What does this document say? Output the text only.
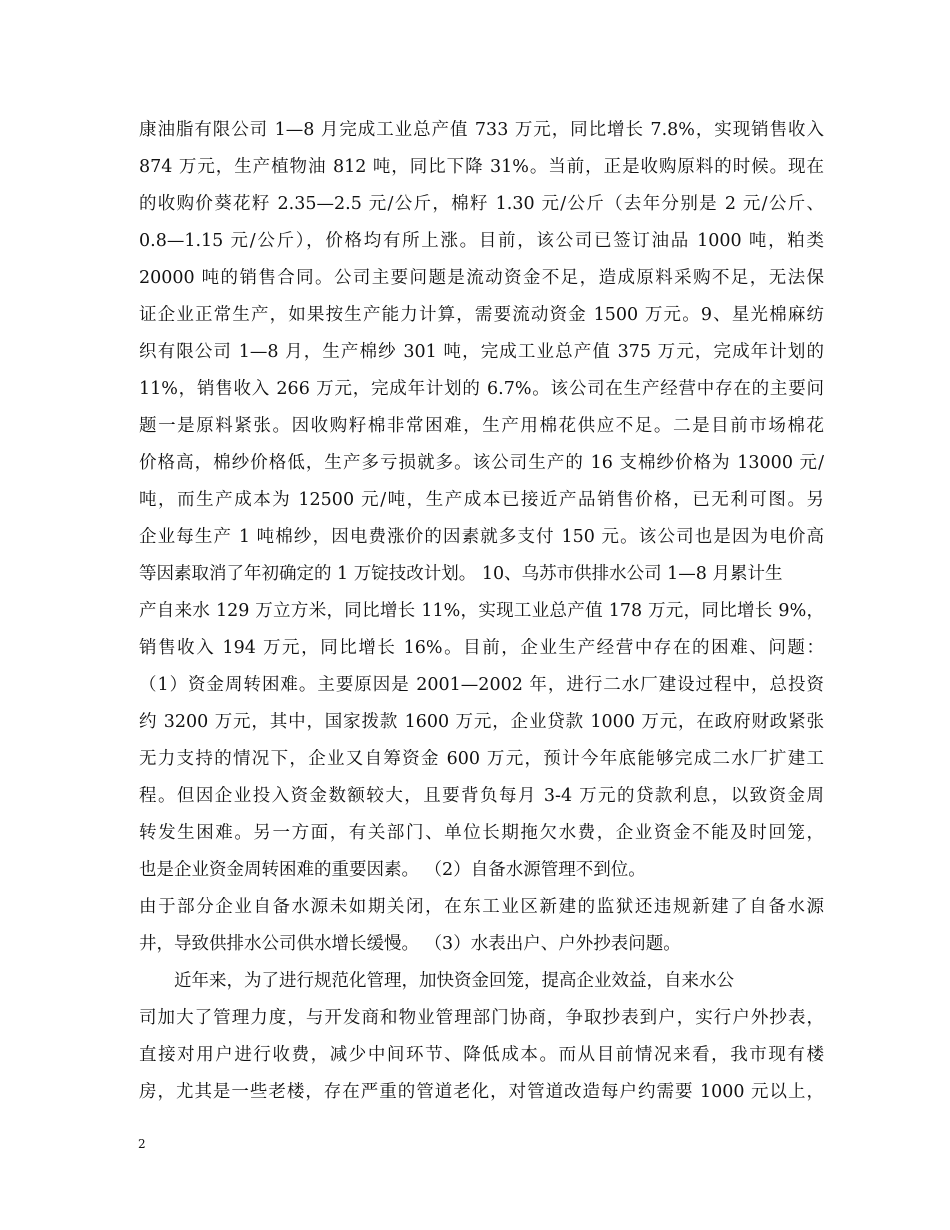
康油脂有限公司 1—8 月完成工业总产值 733 万元，同比增长 7.8%，实现销售收入
874 万元，生产植物油 812 吨，同比下降 31%。当前，正是收购原料的时候。现在
的收购价葵花籽 2.35—2.5 元/公斤，棉籽 1.30 元/公斤（去年分别是 2 元/公斤、
0.8—1.15 元/公斤），价格均有所上涨。目前，该公司已签订油品 1000 吨，粕类
20000 吨的销售合同。公司主要问题是流动资金不足，造成原料采购不足，无法保
证企业正常生产，如果按生产能力计算，需要流动资金 1500 万元。9、星光棉麻纺
织有限公司 1—8 月，生产棉纱 301 吨，完成工业总产值 375 万元，完成年计划的
11%，销售收入 266 万元，完成年计划的 6.7%。该公司在生产经营中存在的主要问
题一是原料紧张。因收购籽棉非常困难，生产用棉花供应不足。二是目前市场棉花
价格高，棉纱价格低，生产多亏损就多。该公司生产的 16 支棉纱价格为 13000 元/
吨，而生产成本为 12500 元/吨，生产成本已接近产品销售价格，已无利可图。另
企业每生产 1 吨棉纱，因电费涨价的因素就多支付 150 元。该公司也是因为电价高
等因素取消了年初确定的 1 万锭技改计划。 10、乌苏市供排水公司 1—8 月累计生
产自来水 129 万立方米，同比增长 11%，实现工业总产值 178 万元，同比增长 9%，
销售收入 194 万元，同比增长 16%。目前，企业生产经营中存在的困难、问题：
（1）资金周转困难。主要原因是 2001—2002 年，进行二水厂建设过程中，总投资
约 3200 万元，其中，国家拨款 1600 万元，企业贷款 1000 万元，在政府财政紧张
无力支持的情况下，企业又自筹资金 600 万元，预计今年底能够完成二水厂扩建工
程。但因企业投入资金数额较大，且要背负每月 3-4 万元的贷款利息，以致资金周
转发生困难。另一方面，有关部门、单位长期拖欠水费，企业资金不能及时回笼，
也是企业资金周转困难的重要因素。 （2）自备水源管理不到位。
由于部分企业自备水源未如期关闭，在东工业区新建的监狱还违规新建了自备水源
井，导致供排水公司供水增长缓慢。 （3）水表出户、户外抄表问题。
近年来，为了进行规范化管理，加快资金回笼，提高企业效益，自来水公
司加大了管理力度，与开发商和物业管理部门协商，争取抄表到户，实行户外抄表，
直接对用户进行收费，减少中间环节、降低成本。而从目前情况来看，我市现有楼
房，尤其是一些老楼，存在严重的管道老化，对管道改造每户约需要 1000 元以上，
2
